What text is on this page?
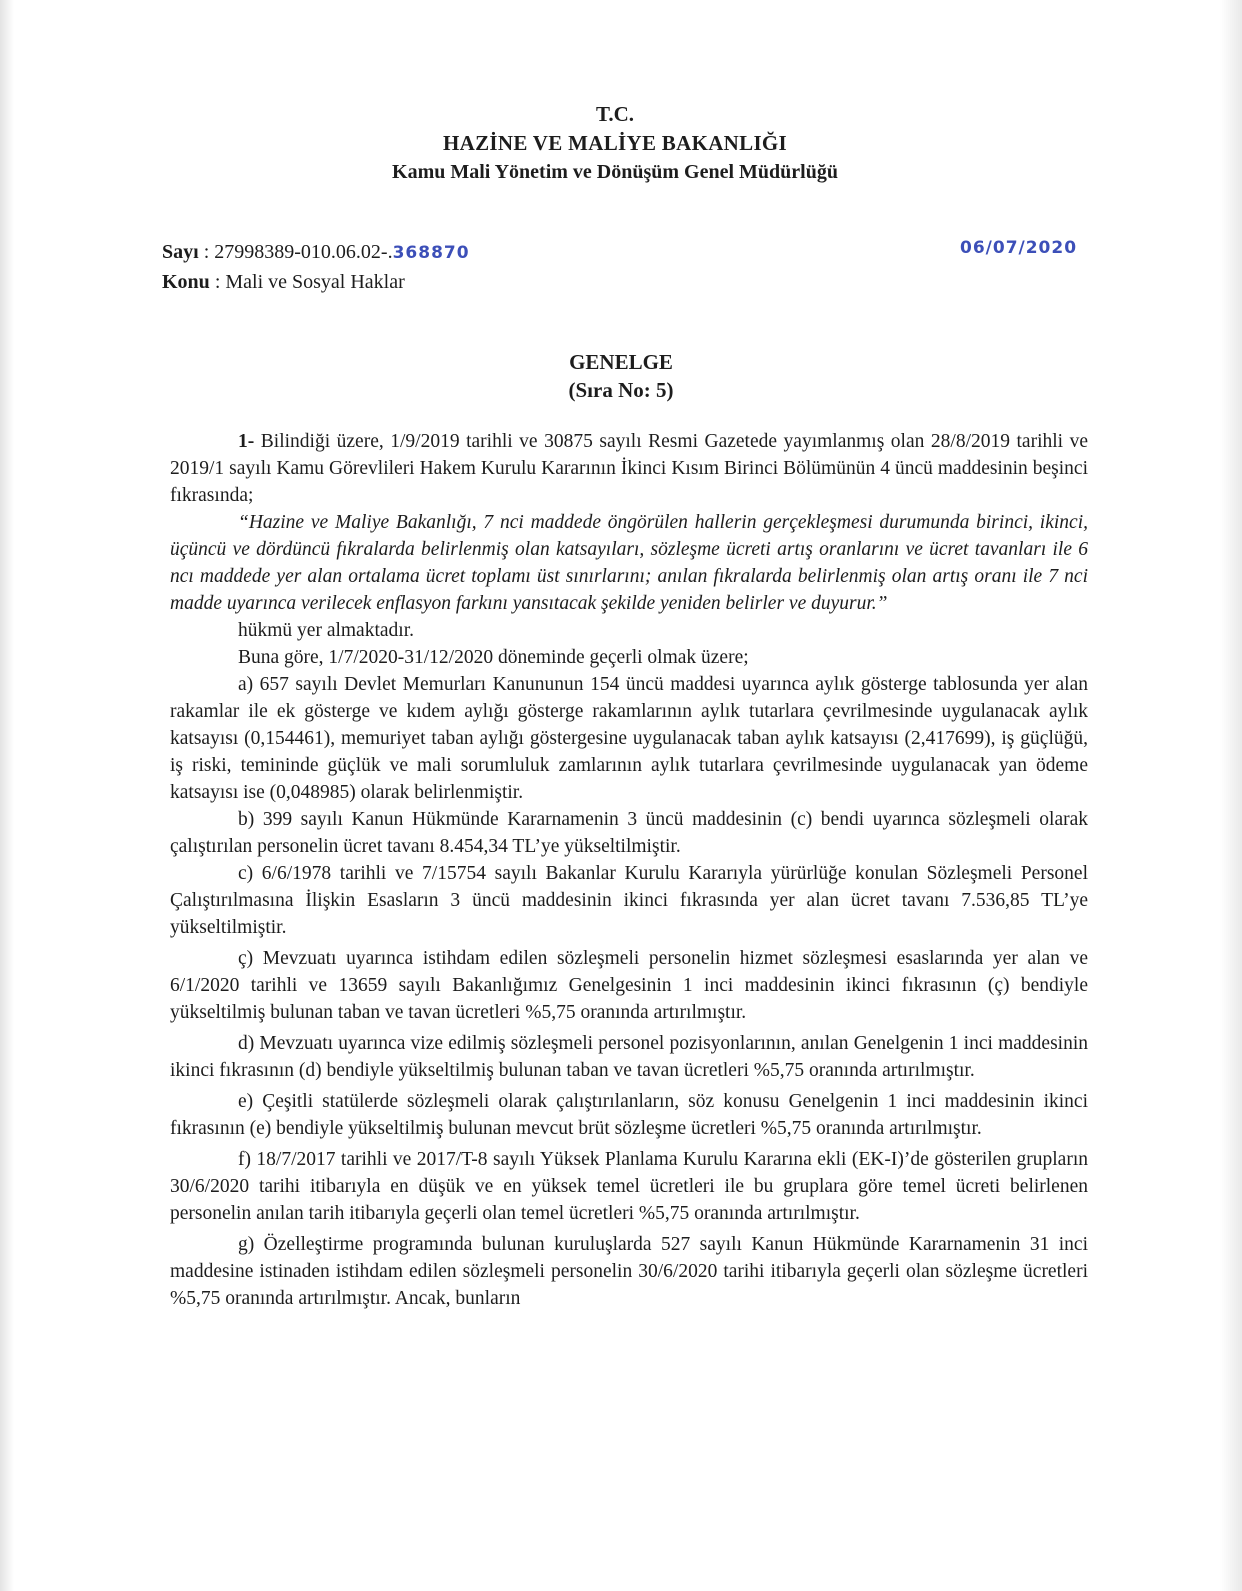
T.C.
HAZİNE VE MALİYE BAKANLIĞI
Kamu Mali Yönetim ve Dönüşüm Genel Müdürlüğü
Sayı : 27998389-010.06.02-.368870
Konu : Mali ve Sosyal Haklar
06/07/2020
GENELGE
(Sıra No: 5)

1- Bilindiği üzere, 1/9/2019 tarihli ve 30875 sayılı Resmi Gazetede yayımlanmış olan 28/8/2019 tarihli ve 2019/1 sayılı Kamu Görevlileri Hakem Kurulu Kararının İkinci Kısım Birinci Bölümünün 4 üncü maddesinin beşinci fıkrasında;

“Hazine ve Maliye Bakanlığı, 7 nci maddede öngörülen hallerin gerçekleşmesi durumunda birinci, ikinci, üçüncü ve dördüncü fıkralarda belirlenmiş olan katsayıları, sözleşme ücreti artış oranlarını ve ücret tavanları ile 6 ncı maddede yer alan ortalama ücret toplamı üst sınırlarını; anılan fıkralarda belirlenmiş olan artış oranı ile 7 nci madde uyarınca verilecek enflasyon farkını yansıtacak şekilde yeniden belirler ve duyurur.”

hükmü yer almaktadır.

Buna göre, 1/7/2020-31/12/2020 döneminde geçerli olmak üzere;

a) 657 sayılı Devlet Memurları Kanununun 154 üncü maddesi uyarınca aylık gösterge tablosunda yer alan rakamlar ile ek gösterge ve kıdem aylığı gösterge rakamlarının aylık tutarlara çevrilmesinde uygulanacak aylık katsayısı (0,154461), memuriyet taban aylığı göstergesine uygulanacak taban aylık katsayısı (2,417699), iş güçlüğü, iş riski, temininde güçlük ve mali sorumluluk zamlarının aylık tutarlara çevrilmesinde uygulanacak yan ödeme katsayısı ise (0,048985) olarak belirlenmiştir.

b) 399 sayılı Kanun Hükmünde Kararnamenin 3 üncü maddesinin (c) bendi uyarınca sözleşmeli olarak çalıştırılan personelin ücret tavanı 8.454,34 TL’ye yükseltilmiştir.

c) 6/6/1978 tarihli ve 7/15754 sayılı Bakanlar Kurulu Kararıyla yürürlüğe konulan Sözleşmeli Personel Çalıştırılmasına İlişkin Esasların 3 üncü maddesinin ikinci fıkrasında yer alan ücret tavanı 7.536,85 TL’ye yükseltilmiştir.

ç) Mevzuatı uyarınca istihdam edilen sözleşmeli personelin hizmet sözleşmesi esaslarında yer alan ve 6/1/2020 tarihli ve 13659 sayılı Bakanlığımız Genelgesinin 1 inci maddesinin ikinci fıkrasının (ç) bendiyle yükseltilmiş bulunan taban ve tavan ücretleri %5,75 oranında artırılmıştır.

d) Mevzuatı uyarınca vize edilmiş sözleşmeli personel pozisyonlarının, anılan Genelgenin 1 inci maddesinin ikinci fıkrasının (d) bendiyle yükseltilmiş bulunan taban ve tavan ücretleri %5,75 oranında artırılmıştır.

e) Çeşitli statülerde sözleşmeli olarak çalıştırılanların, söz konusu Genelgenin 1 inci maddesinin ikinci fıkrasının (e) bendiyle yükseltilmiş bulunan mevcut brüt sözleşme ücretleri %5,75 oranında artırılmıştır.

f) 18/7/2017 tarihli ve 2017/T-8 sayılı Yüksek Planlama Kurulu Kararına ekli (EK-I)’de gösterilen grupların 30/6/2020 tarihi itibarıyla en düşük ve en yüksek temel ücretleri ile bu gruplara göre temel ücreti belirlenen personelin anılan tarih itibarıyla geçerli olan temel ücretleri %5,75 oranında artırılmıştır.

g) Özelleştirme programında bulunan kuruluşlarda 527 sayılı Kanun Hükmünde Kararnamenin 31 inci maddesine istinaden istihdam edilen sözleşmeli personelin 30/6/2020 tarihi itibarıyla geçerli olan sözleşme ücretleri %5,75 oranında artırılmıştır. Ancak, bunların
